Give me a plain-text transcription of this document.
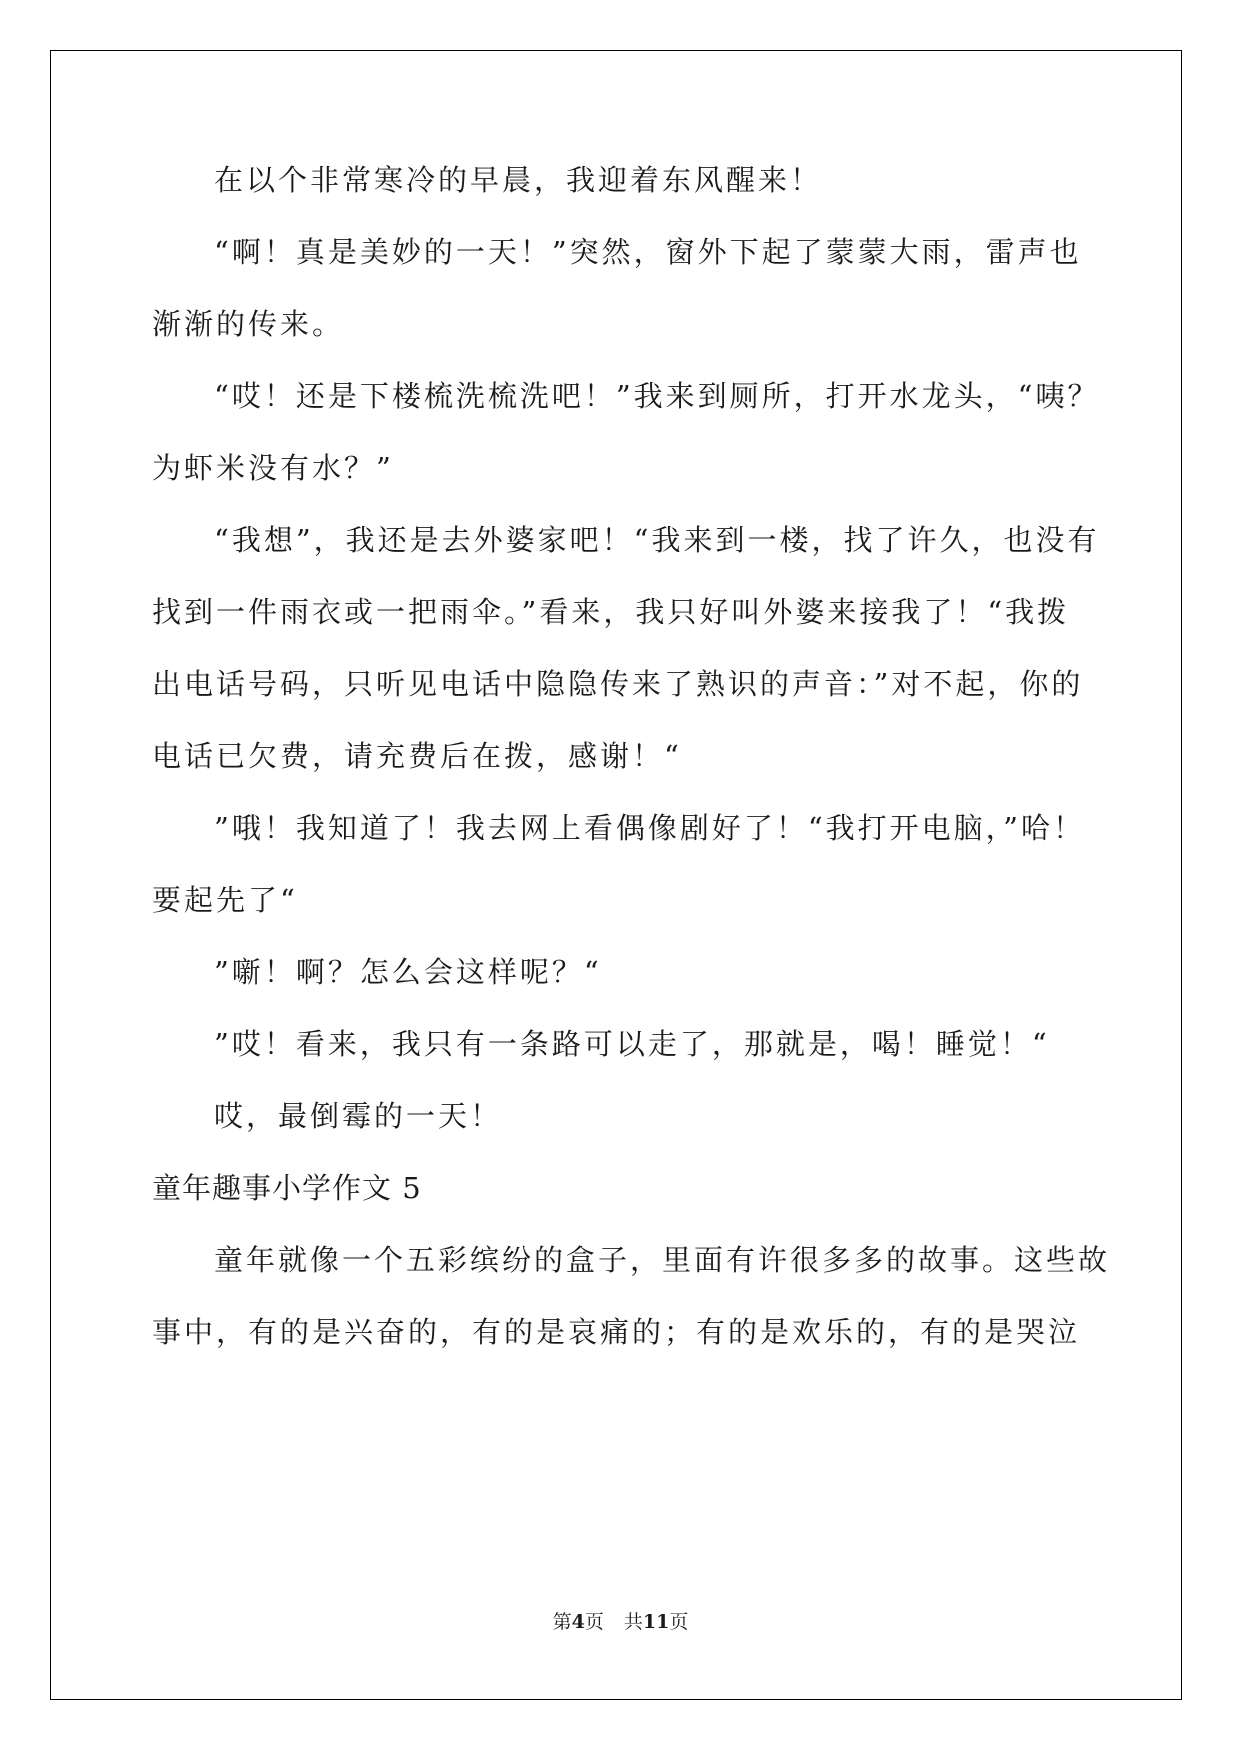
在以个非常寒冷的早晨，我迎着东风醒来！
“啊！真是美妙的一天！”突然，窗外下起了蒙蒙大雨，雷声也
渐渐的传来。
“哎！还是下楼梳洗梳洗吧！”我来到厕所，打开水龙头，“咦？
为虾米没有水？”
“我想”，我还是去外婆家吧！“我来到一楼，找了许久，也没有
找到一件雨衣或一把雨伞。”看来，我只好叫外婆来接我了！“我拨
出电话号码，只听见电话中隐隐传来了熟识的声音：”对不起，你的
电话已欠费，请充费后在拨，感谢！“
”哦！我知道了！我去网上看偶像剧好了！“我打开电脑，”哈！
要起先了“
”噺！啊？怎么会这样呢？“
”哎！看来，我只有一条路可以走了，那就是，喝！睡觉！“
哎，最倒霉的一天！
童年趣事小学作文 5
童年就像一个五彩缤纷的盒子，里面有许很多多的故事。这些故
事中，有的是兴奋的，有的是哀痛的；有的是欢乐的，有的是哭泣
第4页 共11页
